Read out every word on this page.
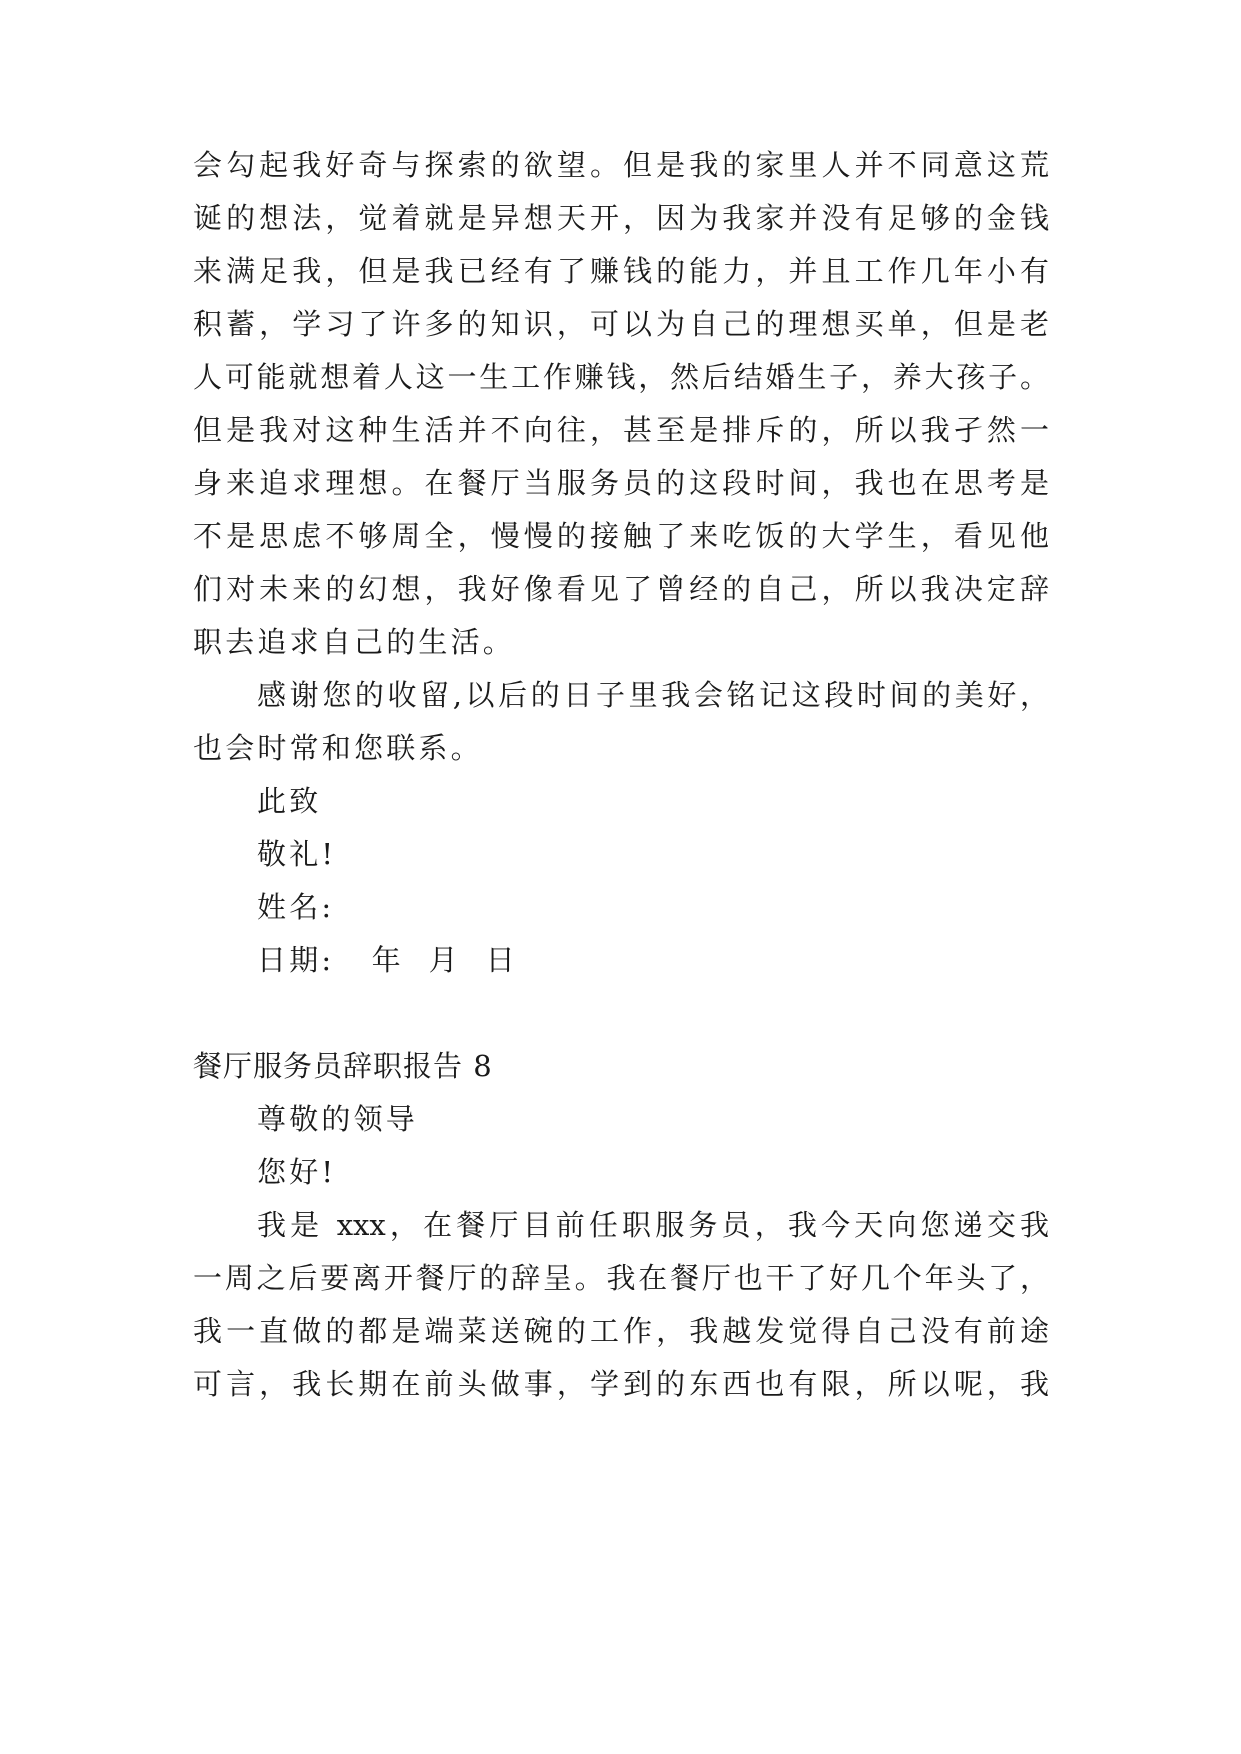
会勾起我好奇与探索的欲望。但是我的家里人并不同意这荒
诞的想法，觉着就是异想天开，因为我家并没有足够的金钱
来满足我，但是我已经有了赚钱的能力，并且工作几年小有
积蓄，学习了许多的知识，可以为自己的理想买单，但是老
人可能就想着人这一生工作赚钱，然后结婚生子，养大孩子。
但是我对这种生活并不向往，甚至是排斥的，所以我孑然一
身来追求理想。在餐厅当服务员的这段时间，我也在思考是
不是思虑不够周全，慢慢的接触了来吃饭的大学生，看见他
们对未来的幻想，我好像看见了曾经的自己，所以我决定辞
职去追求自己的生活。
感谢您的收留,以后的日子里我会铭记这段时间的美好，
也会时常和您联系。
此致
敬礼!
姓名:
日期:   年  月  日
餐厅服务员辞职报告 8
尊敬的领导
您好!
我是 xxx，在餐厅目前任职服务员，我今天向您递交我
一周之后要离开餐厅的辞呈。我在餐厅也干了好几个年头了，
我一直做的都是端菜送碗的工作，我越发觉得自己没有前途
可言，我长期在前头做事，学到的东西也有限，所以呢，我
